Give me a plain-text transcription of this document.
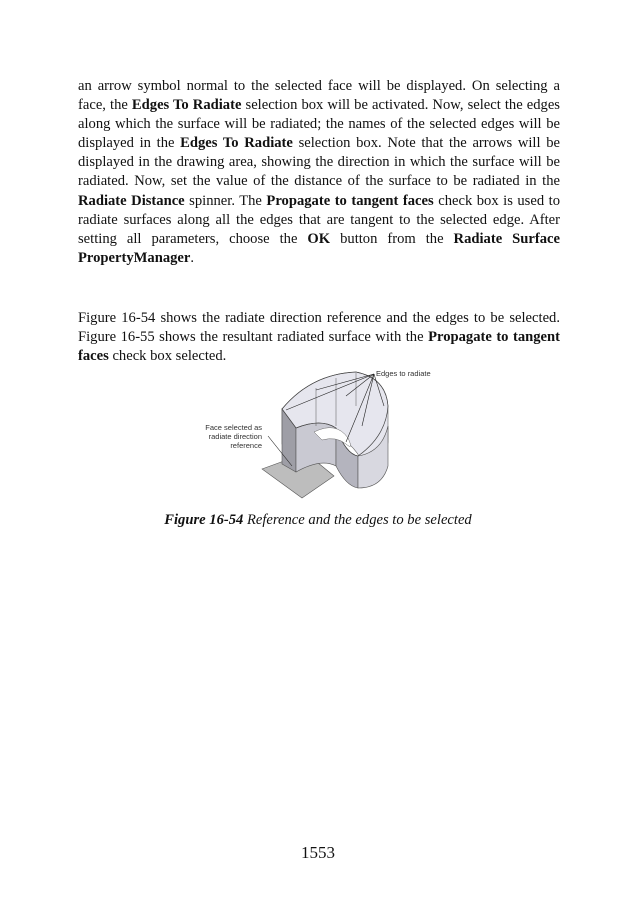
an arrow symbol normal to the selected face will be displayed. On selecting a face, the Edges To Radiate selection box will be activated. Now, select the edges along which the surface will be radiated; the names of the selected edges will be displayed in the Edges To Radiate selection box. Note that the arrows will be displayed in the drawing area, showing the direction in which the surface will be radiated. Now, set the value of the distance of the surface to be radiated in the Radiate Distance spinner. The Propagate to tangent faces check box is used to radiate surfaces along all the edges that are tangent to the selected edge. After setting all parameters, choose the OK button from the Radiate Surface PropertyManager.

Figure 16-54 shows the radiate direction reference and the edges to be selected. Figure 16-55 shows the resultant radiated surface with the Propagate to tangent faces check box selected.

Edges to radiate
Face selected as
radiate direction
reference
Figure 16-54 Reference and the edges to be selected
1553
